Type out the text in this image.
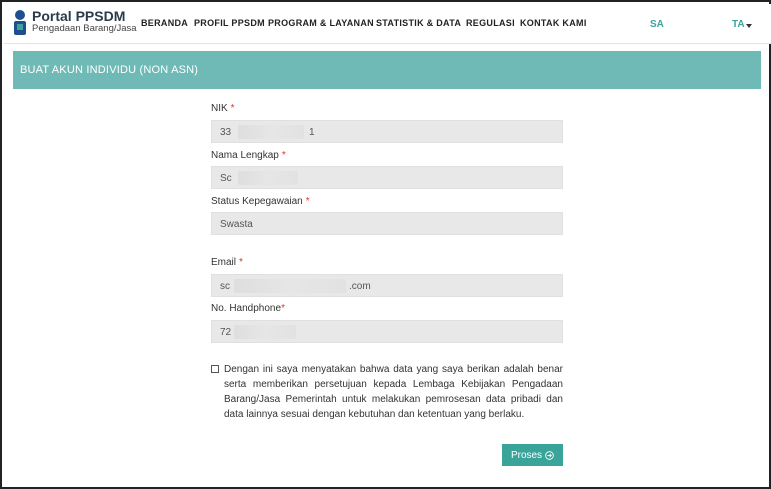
Portal PPSDM
Pengadaan Barang/Jasa BERANDA PROFIL PPSDM PROGRAM & LAYANAN STATISTIK & DATA REGULASI KONTAK KAMI	SA	TA
BUAT AKUN INDIVIDU (NON ASN)
NIK *
33	1
Nama Lengkap *
Sc
Status Kepegawaian *
Swasta
Email *
sc	.com
No. Handphone*
72
Dengan ini saya menyatakan bahwa data yang saya berikan adalah benar serta memberikan persetujuan kepada Lembaga Kebijakan Pengadaan Barang/Jasa Pemerintah untuk melakukan pemrosesan data pribadi dan data lainnya sesuai dengan kebutuhan dan ketentuan yang berlaku.
Proses
